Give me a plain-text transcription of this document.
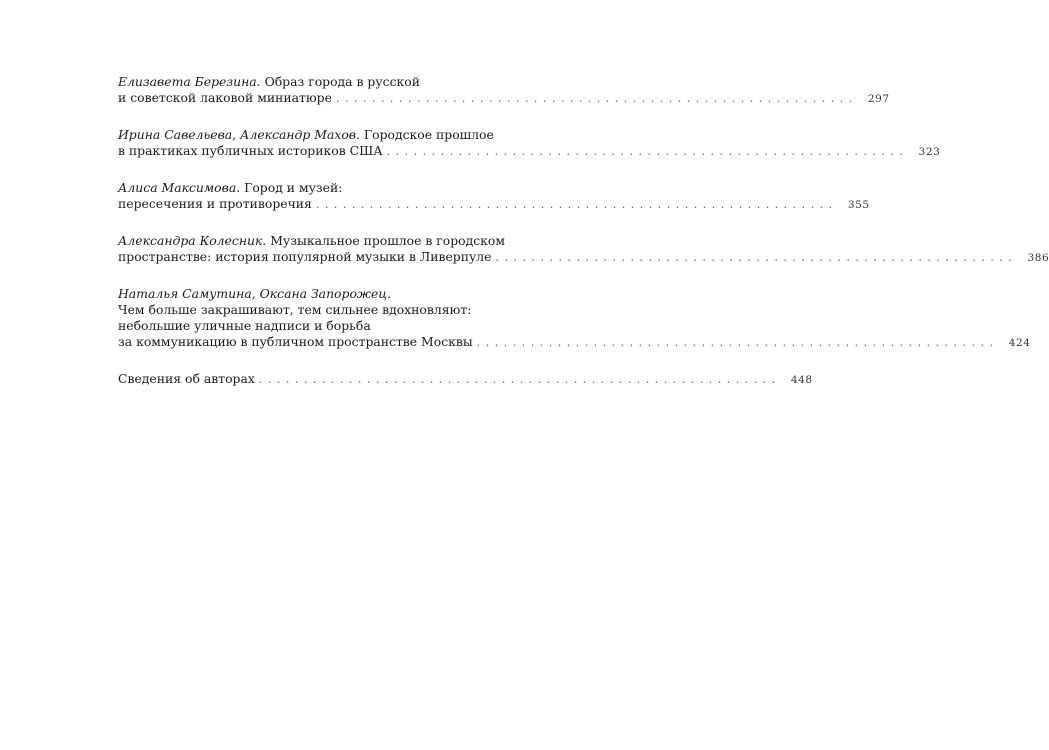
Елизавета Березина. Образ города в русской
и советской лаковой миниатюре .......................................................... 297
Ирина Савельева, Александр Махов. Городское прошлое
в практиках публичных историков США .......................................................... 323
Алиса Максимова. Город и музей:
пересечения и противоречия .......................................................... 355
Александра Колесник. Музыкальное прошлое в городском
пространстве: история популярной музыки в Ливерпуле .......................................................... 386
Наталья Самутина, Оксана Запорожец.
Чем больше закрашивают, тем сильнее вдохновляют:
небольшие уличные надписи и борьба
за коммуникацию в публичном пространстве Москвы .......................................................... 424
Сведения об авторах .......................................................... 448
